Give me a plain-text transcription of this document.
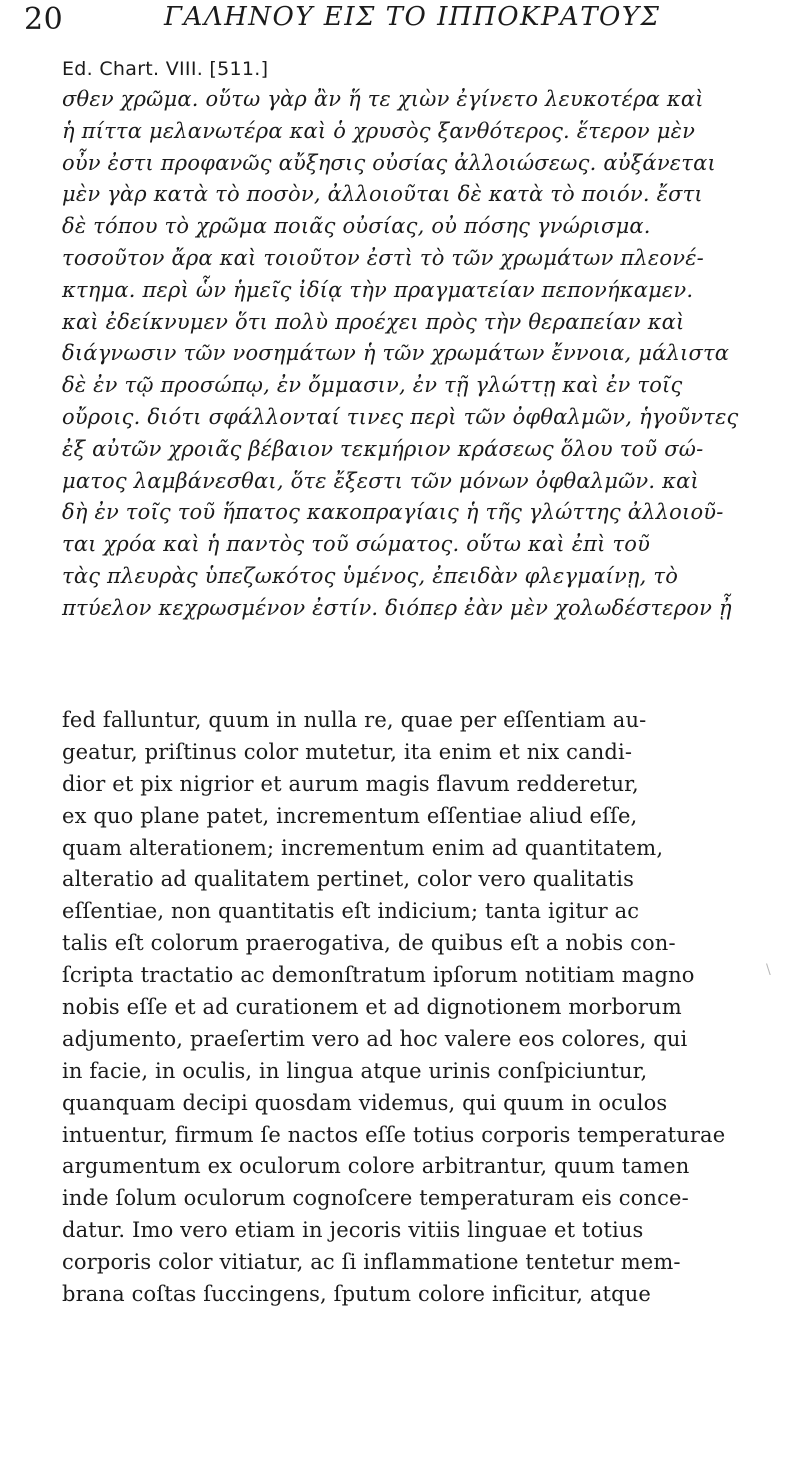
20	ΓΑΛΗΝΟΥ ΕΙΣ ΤΟ ΙΠΠΟΚΡΑΤΟΥΣ
Ed. Chart. VIII. [511.]
σθεν χρῶμα. οὕτω γὰρ ἂν ἥ τε χιὼν ἐγίνετο λευκοτέρα καὶ
ἡ πίττα μελανωτέρα καὶ ὁ χρυσὸς ξανθότερος. ἕτερον μὲν
οὖν ἐστι προφανῶς αὔξησις οὐσίας ἀλλοιώσεως. αὐξάνεται
μὲν γὰρ κατὰ τὸ ποσὸν, ἀλλοιοῦται δὲ κατὰ τὸ ποιόν. ἔστι
δὲ τόπου τὸ χρῶμα ποιᾶς οὐσίας, οὐ πόσης γνώρισμα.
τοσοῦτον ἄρα καὶ τοιοῦτον ἐστὶ τὸ τῶν χρωμάτων πλεονέ-
κτημα. περὶ ὧν ἡμεῖς ἰδίᾳ τὴν πραγματείαν πεπονήκαμεν.
καὶ ἐδείκνυμεν ὅτι πολὺ προέχει πρὸς τὴν θεραπείαν καὶ
διάγνωσιν τῶν νοσημάτων ἡ τῶν χρωμάτων ἔννοια, μάλιστα
δὲ ἐν τῷ προσώπῳ, ἐν ὄμμασιν, ἐν τῇ γλώττῃ καὶ ἐν τοῖς
οὔροις. διότι σφάλλονταί τινες περὶ τῶν ὀφθαλμῶν, ἡγοῦντες
ἐξ αὐτῶν χροιᾶς βέβαιον τεκμήριον κράσεως ὅλου τοῦ σώ-
ματος λαμβάνεσθαι, ὅτε ἔξεστι τῶν μόνων ὀφθαλμῶν. καὶ
δὴ ἐν τοῖς τοῦ ἥπατος κακοπραγίαις ἡ τῆς γλώττης ἀλλοιοῦ-
ται χρόα καὶ ἡ παντὸς τοῦ σώματος. οὕτω καὶ ἐπὶ τοῦ
τὰς πλευρὰς ὑπεζωκότος ὑμένος, ἐπειδὰν φλεγμαίνῃ, τὸ
πτύελον κεχρωσμένον ἐστίν. διόπερ ἐὰν μὲν χολωδέστερον ᾖ
fed falluntur, quum in nulla re, quae per eſſentiam au-
geatur, priſtinus color mutetur, ita enim et nix candi-
dior et pix nigrior et aurum magis flavum redderetur,
ex quo plane patet, incrementum eſſentiae aliud eſſe,
quam alterationem; incrementum enim ad quantitatem,
alteratio ad qualitatem pertinet, color vero qualitatis
eſſentiae, non quantitatis eſt indicium; tanta igitur ac
talis eſt colorum praerogativa, de quibus eſt a nobis con-
ſcripta tractatio ac demonſtratum ipſorum notitiam magno
nobis eſſe et ad curationem et ad dignotionem morborum
adjumento, praeſertim vero ad hoc valere eos colores, qui
in facie, in oculis, in lingua atque urinis conſpiciuntur,
quanquam decipi quosdam videmus, qui quum in oculos
intuentur, firmum ſe nactos eſſe totius corporis temperaturae
argumentum ex oculorum colore arbitrantur, quum tamen
inde ſolum oculorum cognoſcere temperaturam eis conce-
datur. Imo vero etiam in jecoris vitiis linguae et totius
corporis color vitiatur, ac ſi inflammatione tentetur mem-
brana coſtas ſuccingens, ſputum colore inficitur, atque
\
